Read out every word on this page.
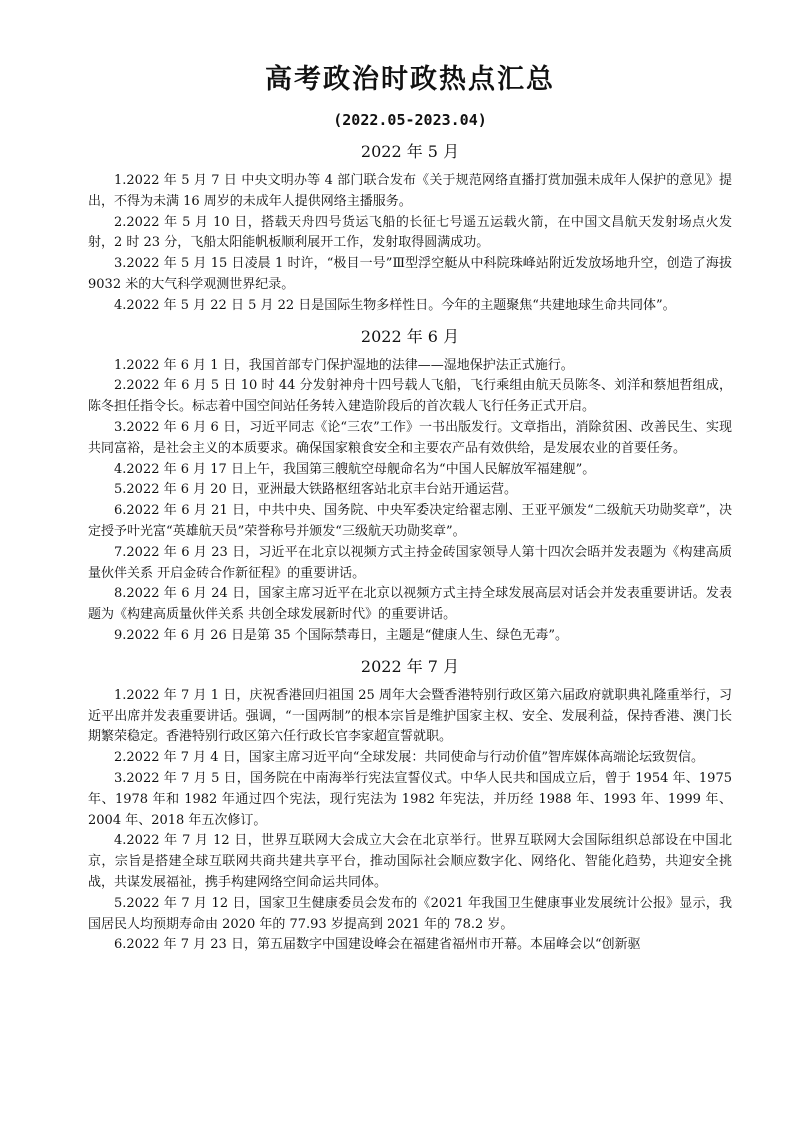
高考政治时政热点汇总
(2022.05-2023.04)
2022 年 5 月

1.2022 年 5 月 7 日 中央文明办等 4 部门联合发布《关于规范网络直播打赏加强未成年人保护的意见》提出，不得为未满 16 周岁的未成年人提供网络主播服务。

2.2022 年 5 月 10 日，搭载天舟四号货运飞船的长征七号遥五运载火箭，在中国文昌航天发射场点火发射，2 时 23 分，飞船太阳能帆板顺利展开工作，发射取得圆满成功。

3.2022 年 5 月 15 日凌晨 1 时许，“极目一号”Ⅲ型浮空艇从中科院珠峰站附近发放场地升空，创造了海拔 9032 米的大气科学观测世界纪录。

4.2022 年 5 月 22 日 5 月 22 日是国际生物多样性日。今年的主题聚焦“共建地球生命共同体”。

2022 年 6 月

1.2022 年 6 月 1 日，我国首部专门保护湿地的法律——湿地保护法正式施行。

2.2022 年 6 月 5 日 10 时 44 分发射神舟十四号载人飞船，飞行乘组由航天员陈冬、刘洋和蔡旭哲组成，陈冬担任指令长。标志着中国空间站任务转入建造阶段后的首次载人飞行任务正式开启。

3.2022 年 6 月 6 日，习近平同志《论“三农”工作》一书出版发行。文章指出，消除贫困、改善民生、实现共同富裕，是社会主义的本质要求。确保国家粮食安全和主要农产品有效供给，是发展农业的首要任务。

4.2022 年 6 月 17 日上午，我国第三艘航空母舰命名为“中国人民解放军福建舰”。

5.2022 年 6 月 20 日，亚洲最大铁路枢纽客站北京丰台站开通运营。

6.2022 年 6 月 21 日，中共中央、国务院、中央军委决定给翟志刚、王亚平颁发“二级航天功勋奖章”，决定授予叶光富“英雄航天员”荣誉称号并颁发“三级航天功勋奖章”。

7.2022 年 6 月 23 日，习近平在北京以视频方式主持金砖国家领导人第十四次会晤并发表题为《构建高质量伙伴关系 开启金砖合作新征程》的重要讲话。

8.2022 年 6 月 24 日，国家主席习近平在北京以视频方式主持全球发展高层对话会并发表重要讲话。发表题为《构建高质量伙伴关系 共创全球发展新时代》的重要讲话。

9.2022 年 6 月 26 日是第 35 个国际禁毒日，主题是“健康人生、绿色无毒”。

2022 年 7 月

1.2022 年 7 月 1 日，庆祝香港回归祖国 25 周年大会暨香港特别行政区第六届政府就职典礼隆重举行，习近平出席并发表重要讲话。强调，“一国两制”的根本宗旨是维护国家主权、安全、发展利益，保持香港、澳门长期繁荣稳定。香港特别行政区第六任行政长官李家超宣誓就职。

2.2022 年 7 月 4 日，国家主席习近平向“全球发展：共同使命与行动价值”智库媒体高端论坛致贺信。

3.2022 年 7 月 5 日，国务院在中南海举行宪法宣誓仪式。中华人民共和国成立后，曾于 1954 年、1975 年、1978 年和 1982 年通过四个宪法，现行宪法为 1982 年宪法，并历经 1988 年、1993 年、1999 年、2004 年、2018 年五次修订。

4.2022 年 7 月 12 日，世界互联网大会成立大会在北京举行。世界互联网大会国际组织总部设在中国北京，宗旨是搭建全球互联网共商共建共享平台，推动国际社会顺应数字化、网络化、智能化趋势，共迎安全挑战，共谋发展福祉，携手构建网络空间命运共同体。

5.2022 年 7 月 12 日，国家卫生健康委员会发布的《2021 年我国卫生健康事业发展统计公报》显示，我国居民人均预期寿命由 2020 年的 77.93 岁提高到 2021 年的 78.2 岁。

6.2022 年 7 月 23 日，第五届数字中国建设峰会在福建省福州市开幕。本届峰会以“创新驱
